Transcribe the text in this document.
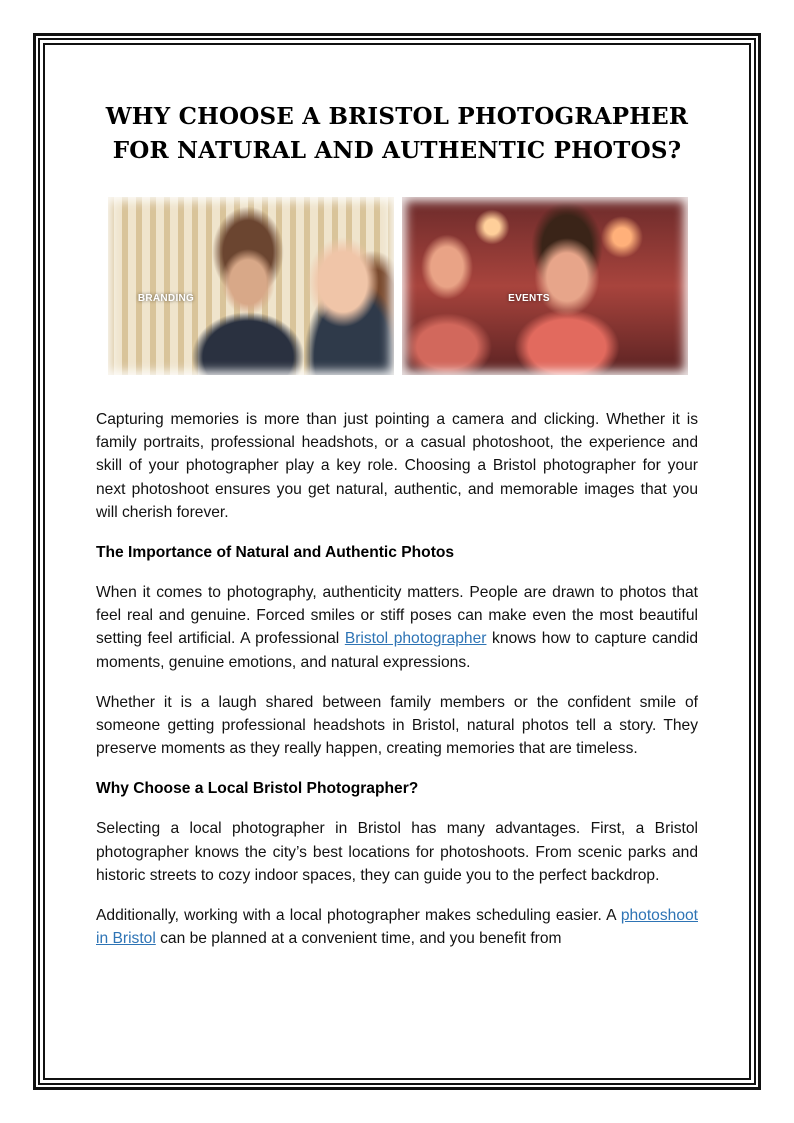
WHY CHOOSE A BRISTOL PHOTOGRAPHER FOR NATURAL AND AUTHENTIC PHOTOS?
BRANDING	EVENTS

Capturing memories is more than just pointing a camera and clicking. Whether it is family portraits, professional headshots, or a casual photoshoot, the experience and skill of your photographer play a key role. Choosing a Bristol photographer for your next photoshoot ensures you get natural, authentic, and memorable images that you will cherish forever.

The Importance of Natural and Authentic Photos

When it comes to photography, authenticity matters. People are drawn to photos that feel real and genuine. Forced smiles or stiff poses can make even the most beautiful setting feel artificial. A professional Bristol photographer knows how to capture candid moments, genuine emotions, and natural expressions.

Whether it is a laugh shared between family members or the confident smile of someone getting professional headshots in Bristol, natural photos tell a story. They preserve moments as they really happen, creating memories that are timeless.

Why Choose a Local Bristol Photographer?

Selecting a local photographer in Bristol has many advantages. First, a Bristol photographer knows the city’s best locations for photoshoots. From scenic parks and historic streets to cozy indoor spaces, they can guide you to the perfect backdrop.

Additionally, working with a local photographer makes scheduling easier. A photoshoot in Bristol can be planned at a convenient time, and you benefit from
